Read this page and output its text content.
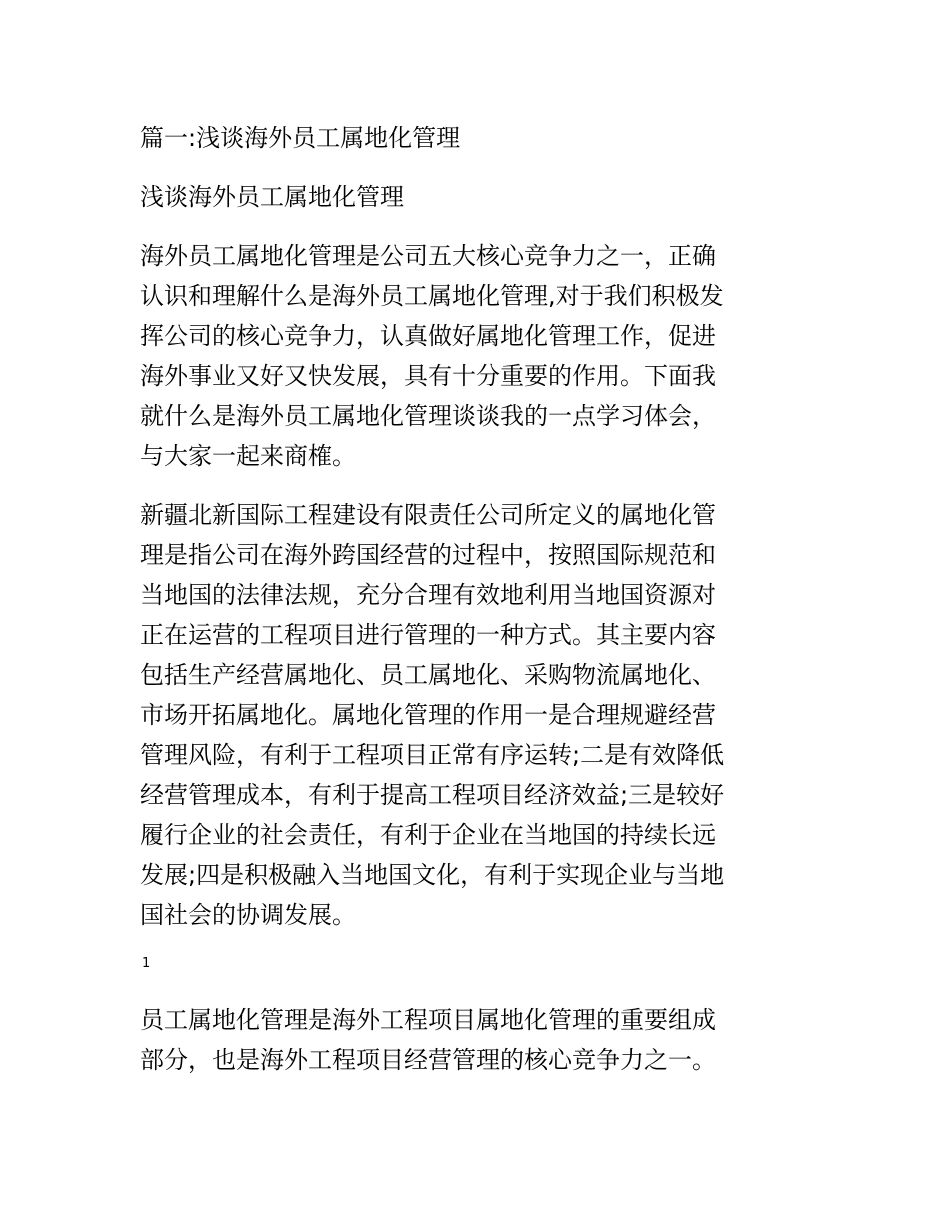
篇一:浅谈海外员工属地化管理
浅谈海外员工属地化管理
海外员工属地化管理是公司五大核心竞争力之一，正确
认识和理解什么是海外员工属地化管理,对于我们积极发
挥公司的核心竞争力，认真做好属地化管理工作，促进
海外事业又好又快发展，具有十分重要的作用。下面我
就什么是海外员工属地化管理谈谈我的一点学习体会，
与大家一起来商榷。
新疆北新国际工程建设有限责任公司所定义的属地化管
理是指公司在海外跨国经营的过程中，按照国际规范和
当地国的法律法规，充分合理有效地利用当地国资源对
正在运营的工程项目进行管理的一种方式。其主要内容
包括生产经营属地化、员工属地化、采购物流属地化、
市场开拓属地化。属地化管理的作用一是合理规避经营
管理风险，有利于工程项目正常有序运转;二是有效降低
经营管理成本，有利于提高工程项目经济效益;三是较好
履行企业的社会责任，有利于企业在当地国的持续长远
发展;四是积极融入当地国文化，有利于实现企业与当地
国社会的协调发展。
1
员工属地化管理是海外工程项目属地化管理的重要组成
部分，也是海外工程项目经营管理的核心竞争力之一。
